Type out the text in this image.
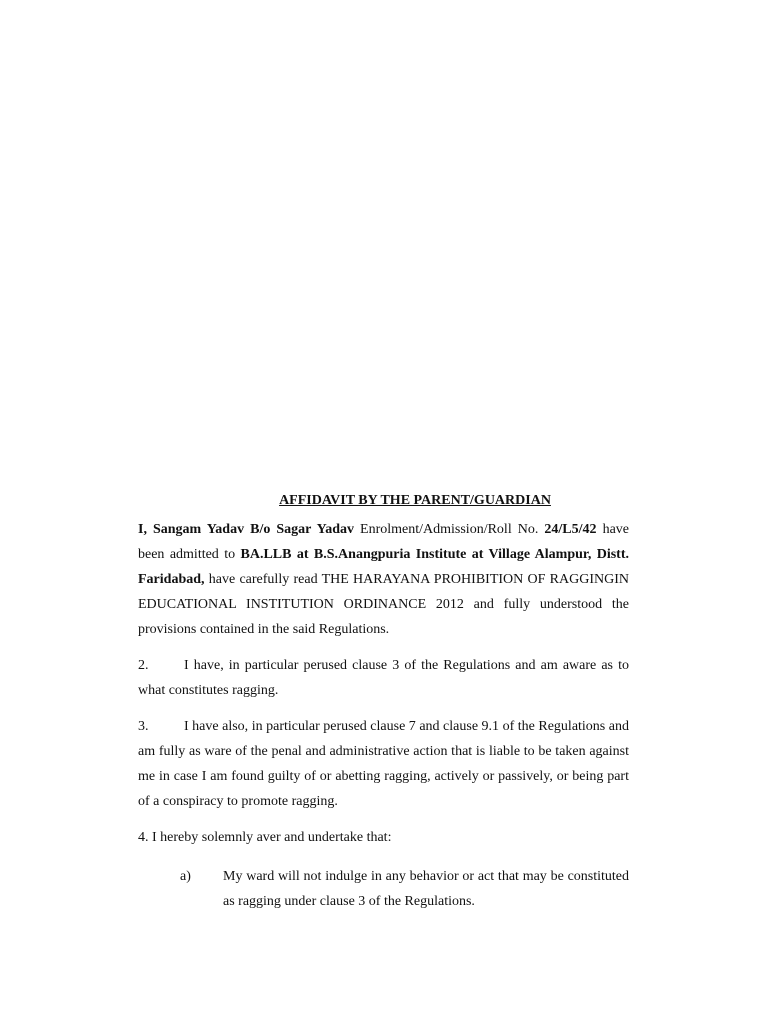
AFFIDAVIT BY THE PARENT/GUARDIAN

I, Sangam Yadav B/o Sagar Yadav Enrolment/Admission/Roll No. 24/L5/42 have been admitted to BA.LLB at B.S.Anangpuria Institute at Village Alampur, Distt. Faridabad, have carefully read THE HARAYANA PROHIBITION OF RAGGINGIN EDUCATIONAL INSTITUTION ORDINANCE 2012 and fully understood the provisions contained in the said Regulations.

2.	I have, in particular perused clause 3 of the Regulations and am aware as to what constitutes ragging.

3.	I have also, in particular perused clause 7 and clause 9.1 of the Regulations and am fully as ware of the penal and administrative action that is liable to be taken against me in case I am found guilty of or abetting ragging, actively or passively, or being part of a conspiracy to promote ragging.

4. I hereby solemnly aver and undertake that:

a)	My ward will not indulge in any behavior or act that may be constituted as ragging under clause 3 of the Regulations.
